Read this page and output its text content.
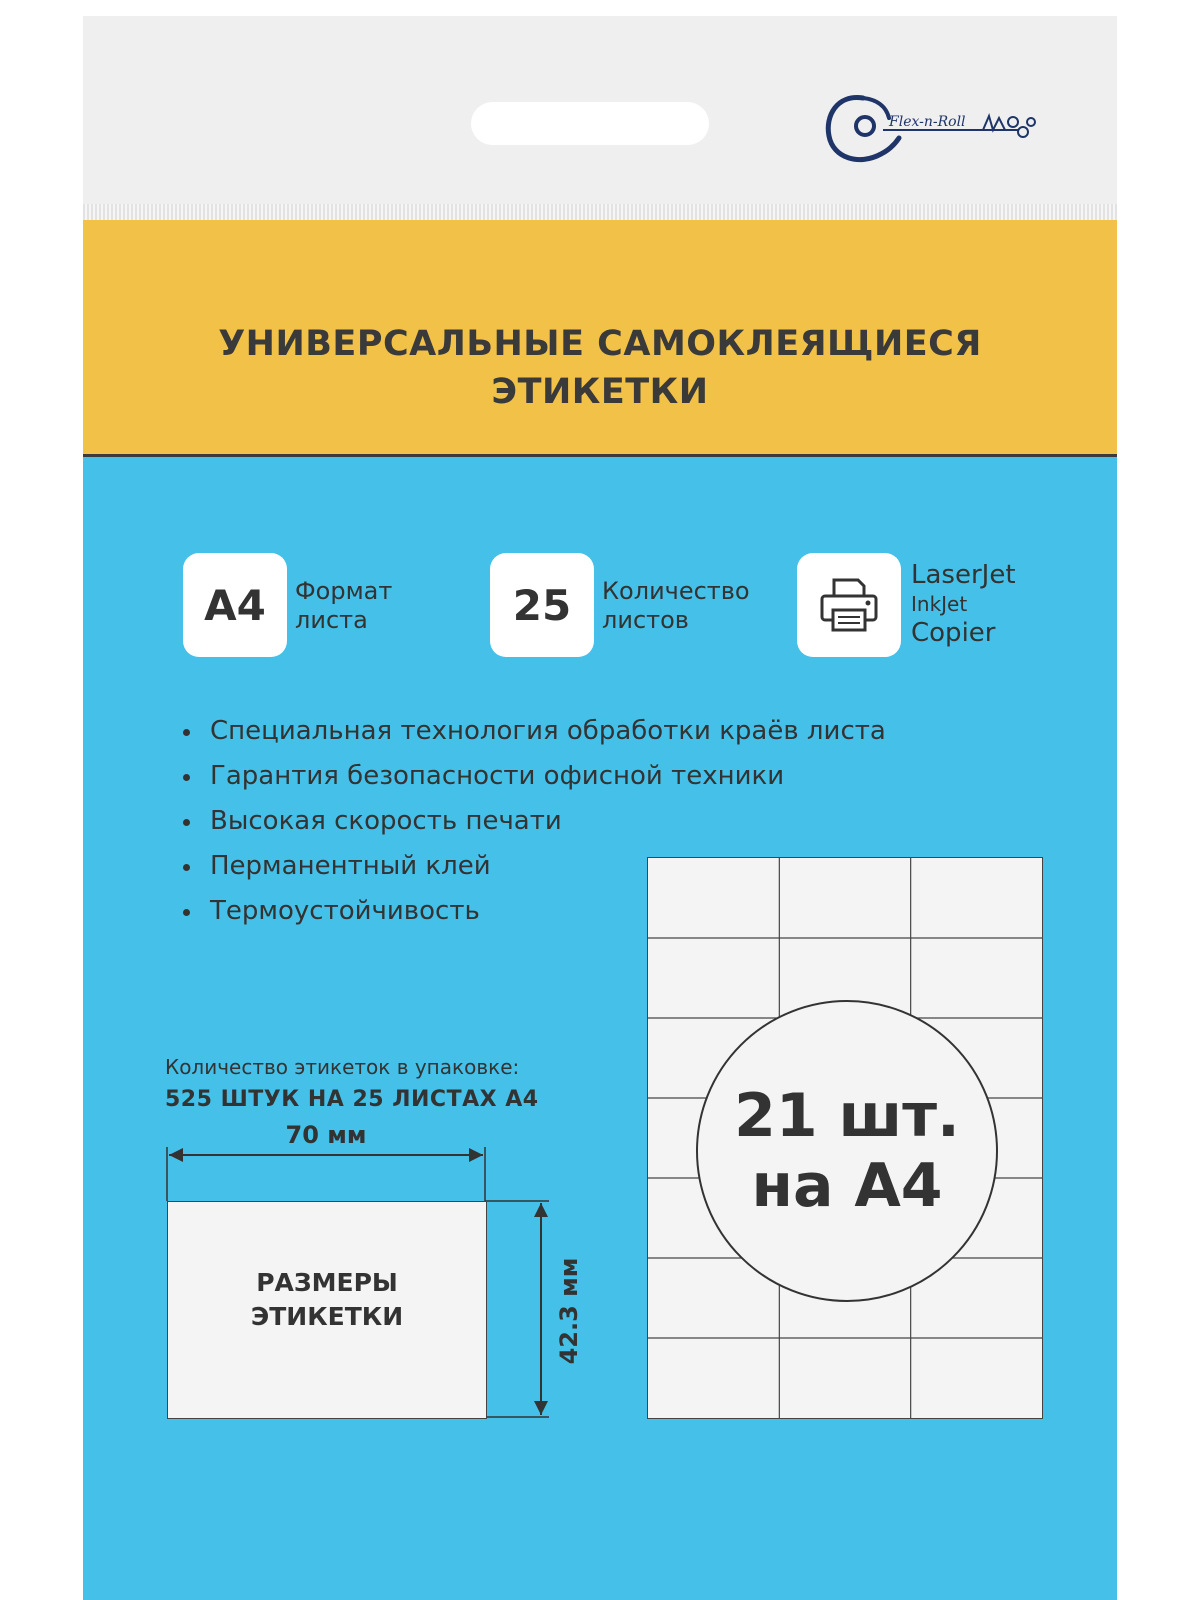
Flex-n-Roll
УНИВЕРСАЛЬНЫЕ САМОКЛЕЯЩИЕСЯ
ЭТИКЕТКИ
A4	Формат
листа	25	Количество
листов
LaserJet
InkJet
Copier
Специальная технология обработки краёв листа
Гарантия безопасности офисной техники
Высокая скорость печати
Перманентный клей
Термоустойчивость
Количество этикеток в упаковке:
525 ШТУК НА 25 ЛИСТАХ А4
70 мм
42.3 мм
РАЗМЕРЫ
ЭТИКЕТКИ
21 шт.
на А4
